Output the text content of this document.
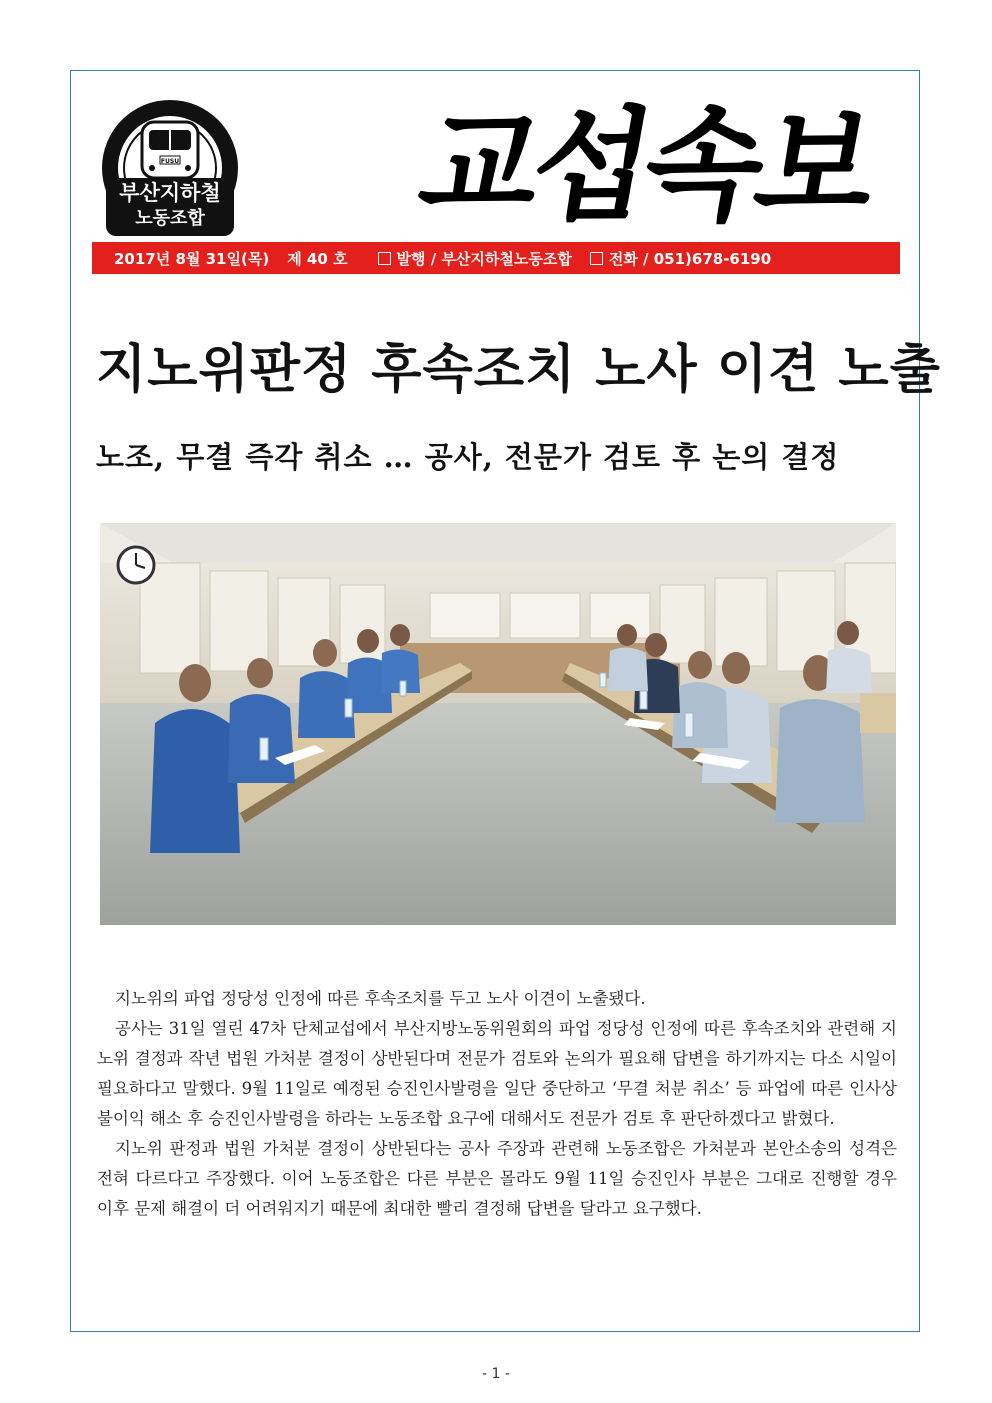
FUSU
부산지하철
노동조합 교섭속보
2017년 8월 31일(목) 제 40 호	발행 / 부산지하철노동조합	전화 / 051)678-6190
지노위판정 후속조치 노사 이견 노출
노조, 무결 즉각 취소 … 공사, 전문가 검토 후 논의 결정

지노위의 파업 정당성 인정에 따른 후속조치를 두고 노사 이견이 노출됐다.

공사는 31일 열린 47차 단체교섭에서 부산지방노동위원회의 파업 정당성 인정에 따른 후속조치와 관련해 지노위 결정과 작년 법원 가처분 결정이 상반된다며 전문가 검토와 논의가 필요해 답변을 하기까지는 다소 시일이 필요하다고 말했다. 9월 11일로 예정된 승진인사발령을 일단 중단하고 ‘무결 처분 취소’ 등 파업에 따른 인사상 불이익 해소 후 승진인사발령을 하라는 노동조합 요구에 대해서도 전문가 검토 후 판단하겠다고 밝혔다.

지노위 판정과 법원 가처분 결정이 상반된다는 공사 주장과 관련해 노동조합은 가처분과 본안소송의 성격은 전혀 다르다고 주장했다. 이어 노동조합은 다른 부분은 몰라도 9월 11일 승진인사 부분은 그대로 진행할 경우 이후 문제 해결이 더 어려워지기 때문에 최대한 빨리 결정해 답변을 달라고 요구했다.

- 1 -
